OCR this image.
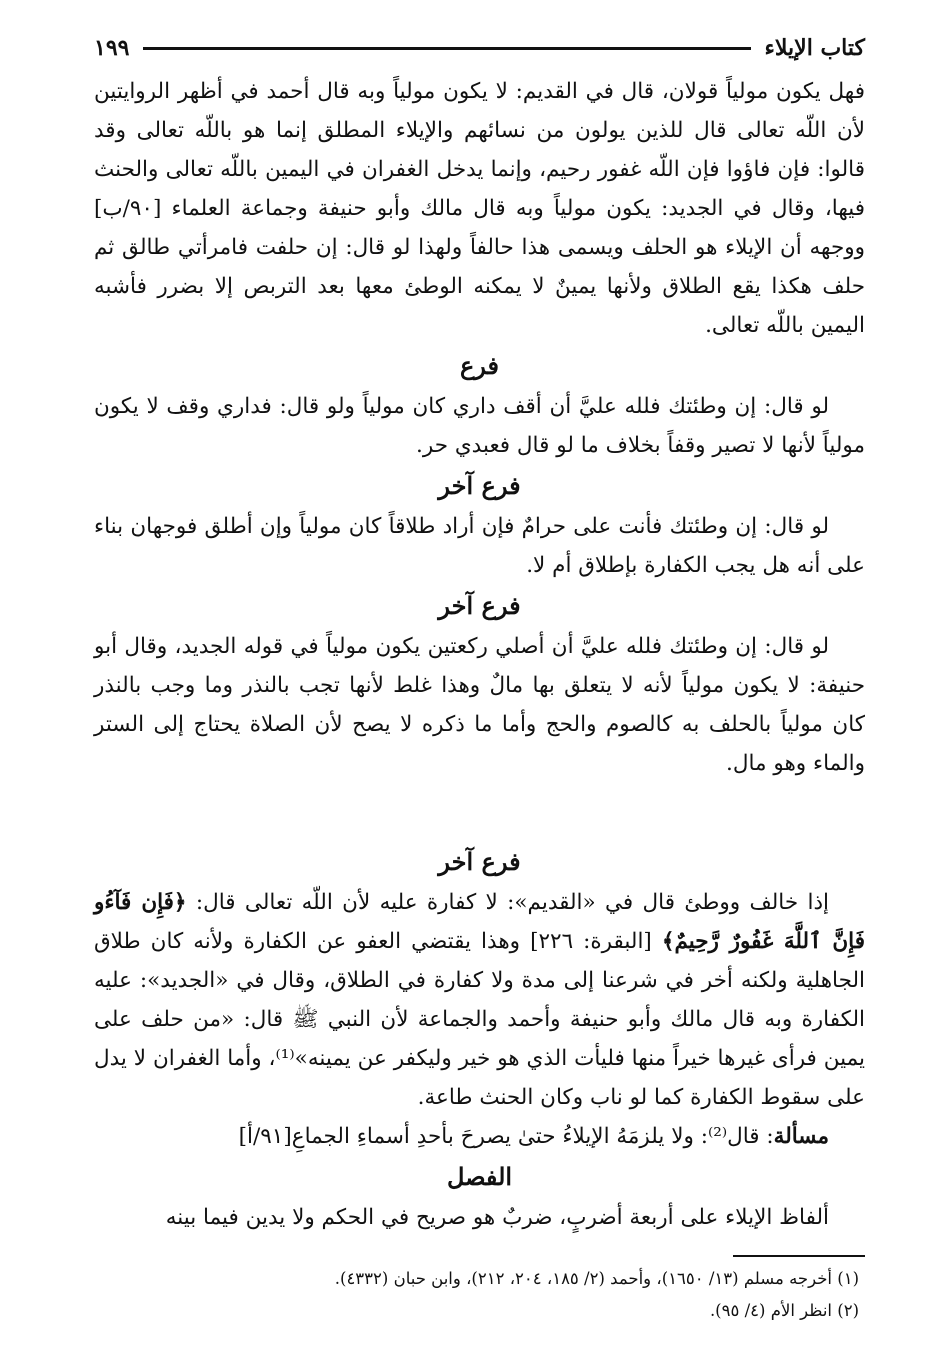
كتاب الإيلاء
١٩٩

فهل يكون مولياً قولان، قال في القديم: لا يكون مولياً وبه قال أحمد في أظهر الروايتين لأن اللّه تعالى قال للذين يولون من نسائهم والإيلاء المطلق إنما هو باللّه تعالى وقد قالوا: فإن فاؤوا فإن اللّه غفور رحيم، وإنما يدخل الغفران في اليمين باللّه تعالى والحنث فيها، وقال في الجديد: يكون مولياً وبه قال مالك وأبو حنيفة وجماعة العلماء [٩٠/ب] ووجهه أن الإيلاء هو الحلف ويسمى هذا حالفاً ولهذا لو قال: إن حلفت فامرأتي طالق ثم حلف هكذا يقع الطلاق ولأنها يمينٌ لا يمكنه الوطئ معها بعد التربص إلا بضرر فأشبه اليمين باللّه تعالى.

فرع

لو قال: إن وطئتك فلله عليَّ أن أقف داري كان مولياً ولو قال: فداري وقف لا يكون مولياً لأنها لا تصير وقفاً بخلاف ما لو قال فعبدي حر.

فرع آخر

لو قال: إن وطئتك فأنت على حرامٌ فإن أراد طلاقاً كان مولياً وإن أطلق فوجهان بناء على أنه هل يجب الكفارة بإطلاق أم لا.

فرع آخر

لو قال: إن وطئتك فلله عليَّ أن أصلي ركعتين يكون مولياً في قوله الجديد، وقال أبو حنيفة: لا يكون مولياً لأنه لا يتعلق بها مالٌ وهذا غلط لأنها تجب بالنذر وما وجب بالنذر كان مولياً بالحلف به كالصوم والحج وأما ما ذكره لا يصح لأن الصلاة يحتاج إلى الستر والماء وهو مال.

فرع آخر

إذا خالف ووطئ قال في «القديم»: لا كفارة عليه لأن اللّه تعالى قال: ﴿فَإِن فَآءُو فَإِنَّ ٱللَّهَ غَفُورٌ رَّحِيمٌ﴾ [البقرة: ٢٢٦] وهذا يقتضي العفو عن الكفارة ولأنه كان طلاق الجاهلية ولكنه أخر في شرعنا إلى مدة ولا كفارة في الطلاق، وقال في «الجديد»: عليه الكفارة وبه قال مالك وأبو حنيفة وأحمد والجماعة لأن النبي ﷺ قال: «من حلف على يمين فرأى غيرها خيراً منها فليأت الذي هو خير وليكفر عن يمينه»⁽¹⁾، وأما الغفران لا يدل على سقوط الكفارة كما لو ناب وكان الحنث طاعة.

مسألة: قال⁽²⁾: ولا يلزمَهُ الإيلاءُ حتىٰ يصرحَ بأحدِ أسماءِ الجماعِ[٩١/أ]

الفصل

ألفاظ الإيلاء على أربعة أضربٍ، ضربٌ هو صريح في الحكم ولا يدين فيما بينه

(١) أخرجه مسلم (١٣/ ١٦٥٠)، وأحمد (٢/ ١٨٥، ٢٠٤، ٢١٢)، وابن حبان (٤٣٣٢).

(٢) انظر الأم (٤/ ٩٥).
